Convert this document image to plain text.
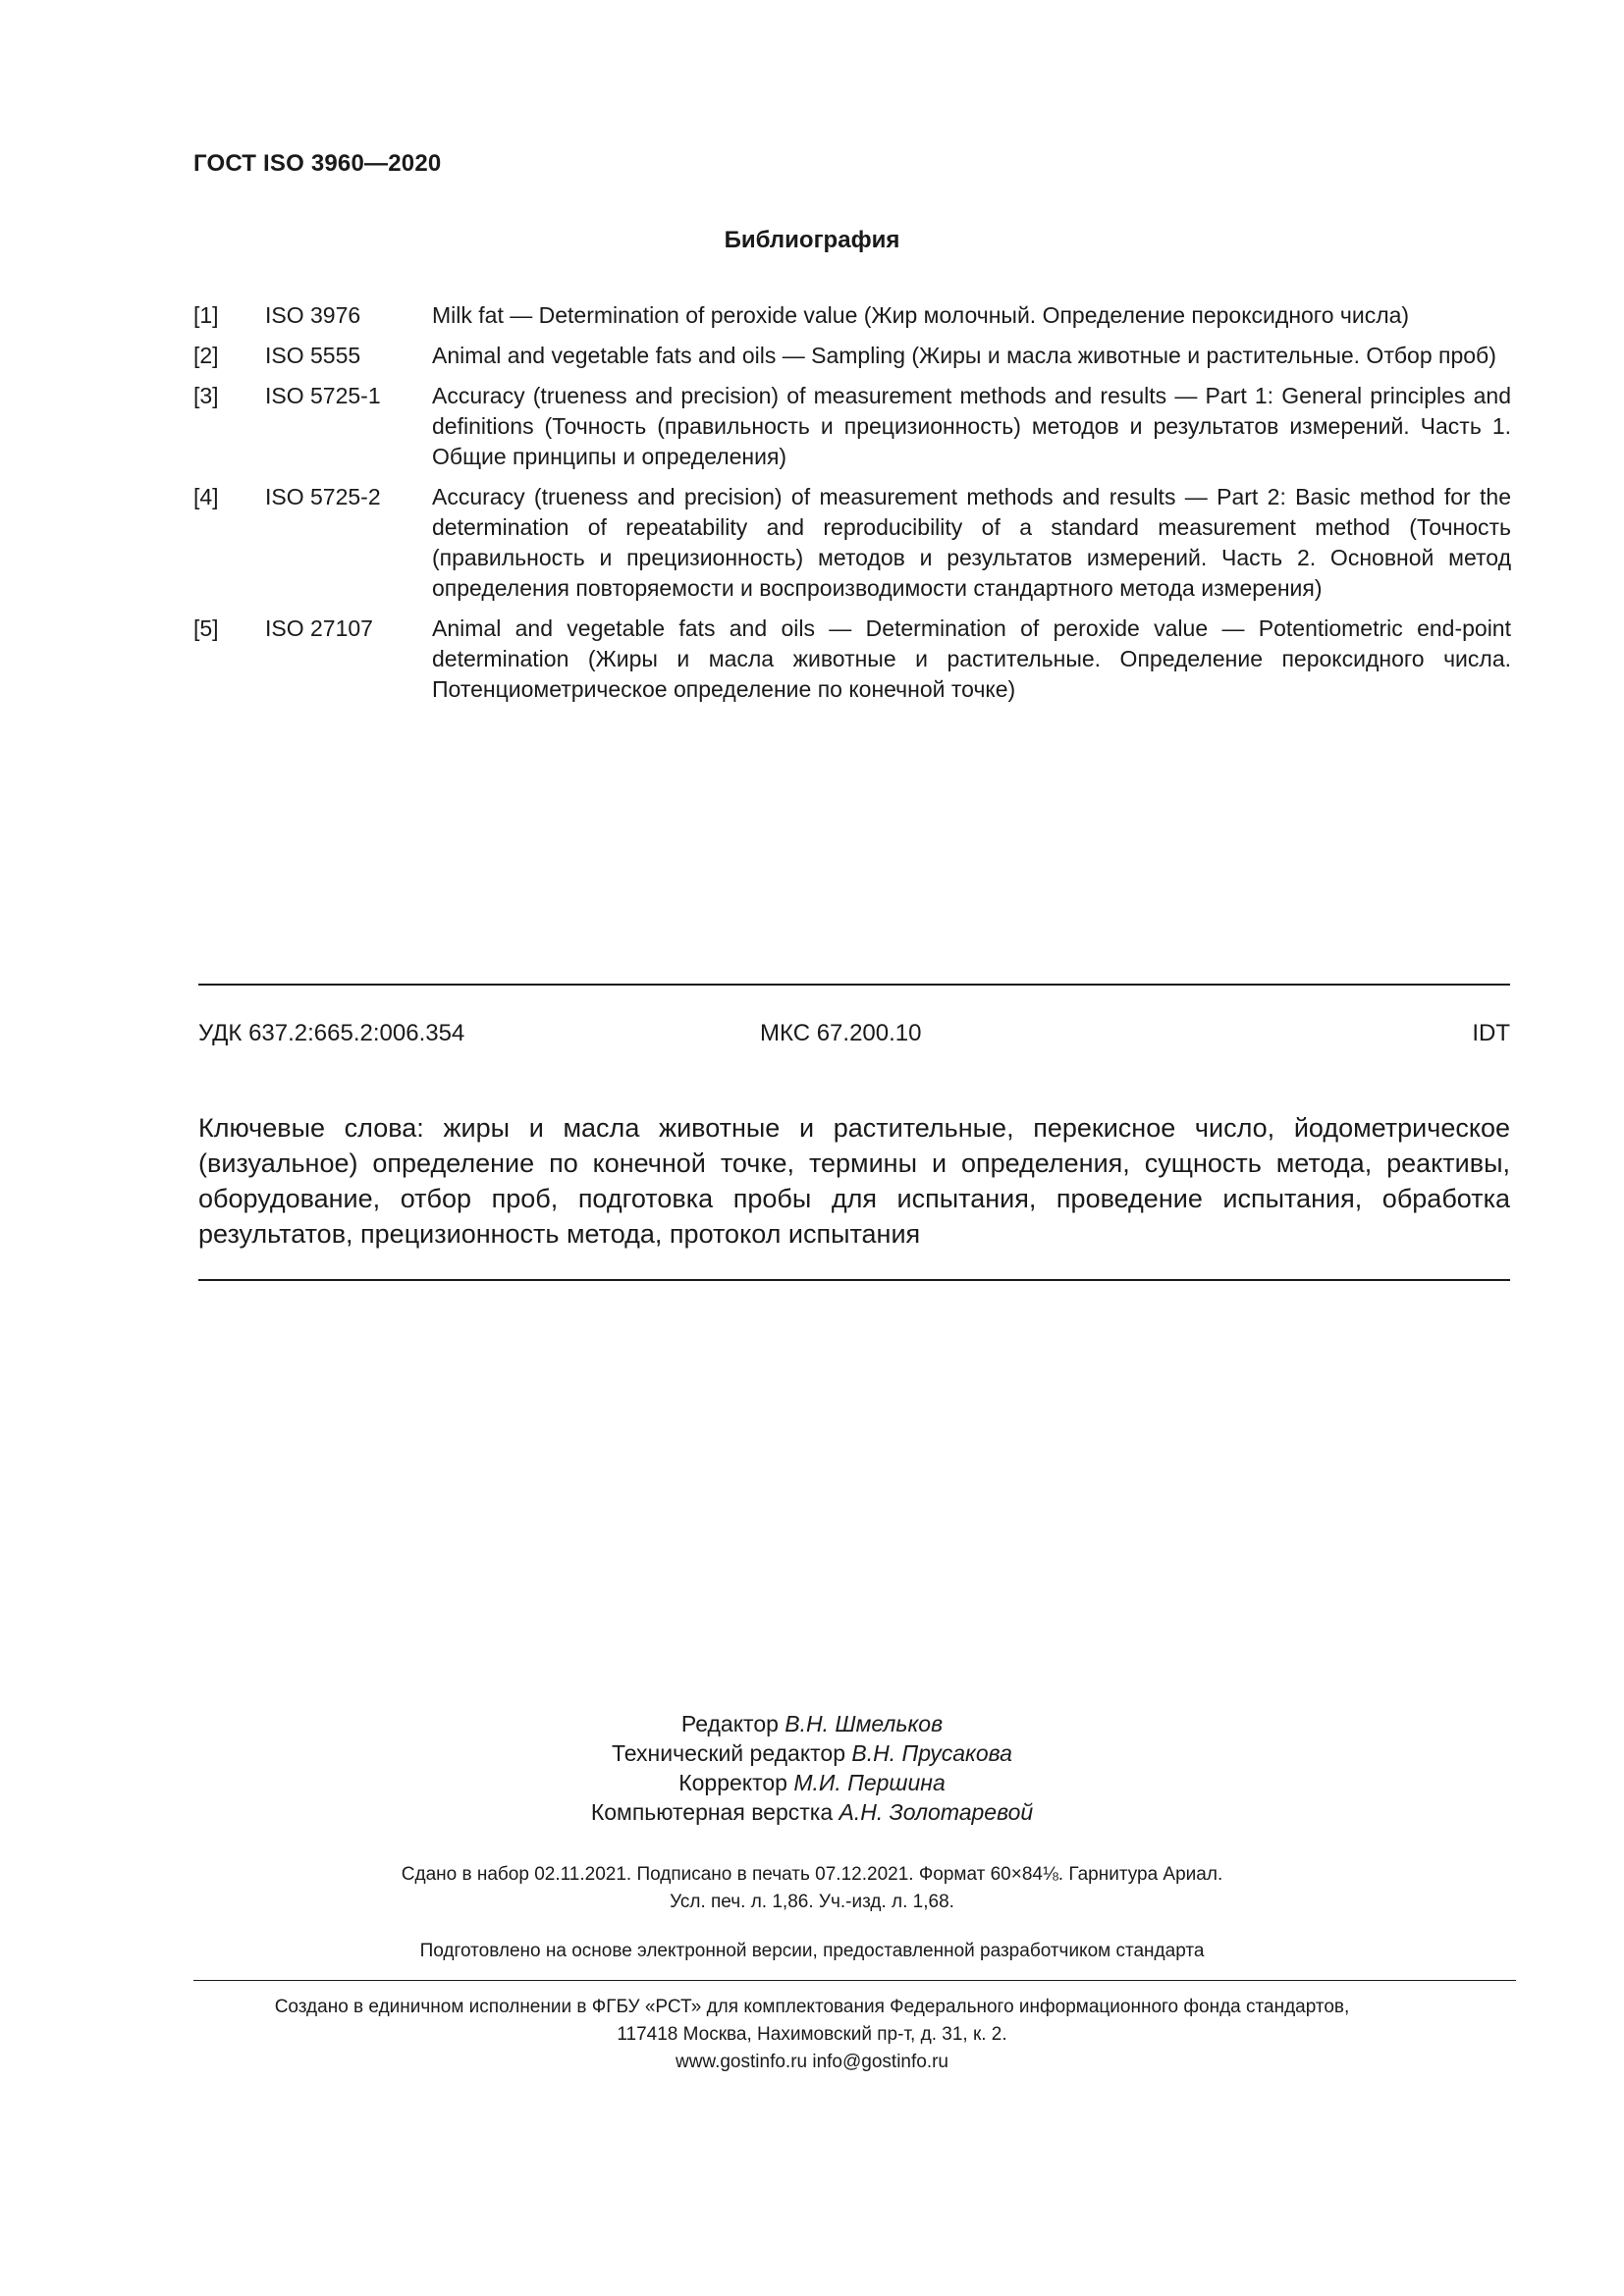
ГОСТ ISO 3960—2020
Библиография
[1]	ISO 3976	Milk fat — Determination of peroxide value (Жир молочный. Определение пероксидного числа)
[2]	ISO 5555	Animal and vegetable fats and oils — Sampling (Жиры и масла животные и растительные. Отбор проб)
[3]	ISO 5725-1	Accuracy (trueness and precision) of measurement methods and results — Part 1: General principles and definitions (Точность (правильность и прецизионность) методов и результатов измерений. Часть 1. Общие принципы и определения)
[4]	ISO 5725-2	Accuracy (trueness and precision) of measurement methods and results — Part 2: Basic method for the determination of repeatability and reproducibility of a standard measurement method (Точность (правильность и прецизионность) методов и результатов измерений. Часть 2. Основной метод определения повторяемости и воспроизводимости стандартного метода измерения)
[5]	ISO 27107	Animal and vegetable fats and oils — Determination of peroxide value — Potentiometric end-point determination (Жиры и масла животные и растительные. Определение пероксидного числа. Потенциометрическое определение по конечной точке)
УДК 637.2:665.2:006.354	МКС 67.200.10	IDT
Ключевые слова: жиры и масла животные и растительные, перекисное число, йодометрическое (визуальное) определение по конечной точке, термины и определения, сущность метода, реактивы, оборудование, отбор проб, подготовка пробы для испытания, проведение испытания, обработка результатов, прецизионность метода, протокол испытания
Редактор В.Н. Шмельков
Технический редактор В.Н. Прусакова
Корректор М.И. Першина
Компьютерная верстка А.Н. Золотаревой
Сдано в набор 02.11.2021. Подписано в печать 07.12.2021. Формат 60×84⅛. Гарнитура Ариал.
Усл. печ. л. 1,86. Уч.-изд. л. 1,68.
Подготовлено на основе электронной версии, предоставленной разработчиком стандарта
Создано в единичном исполнении в ФГБУ «РСТ» для комплектования Федерального информационного фонда стандартов,
117418 Москва, Нахимовский пр-т, д. 31, к. 2.
www.gostinfo.ru info@gostinfo.ru
